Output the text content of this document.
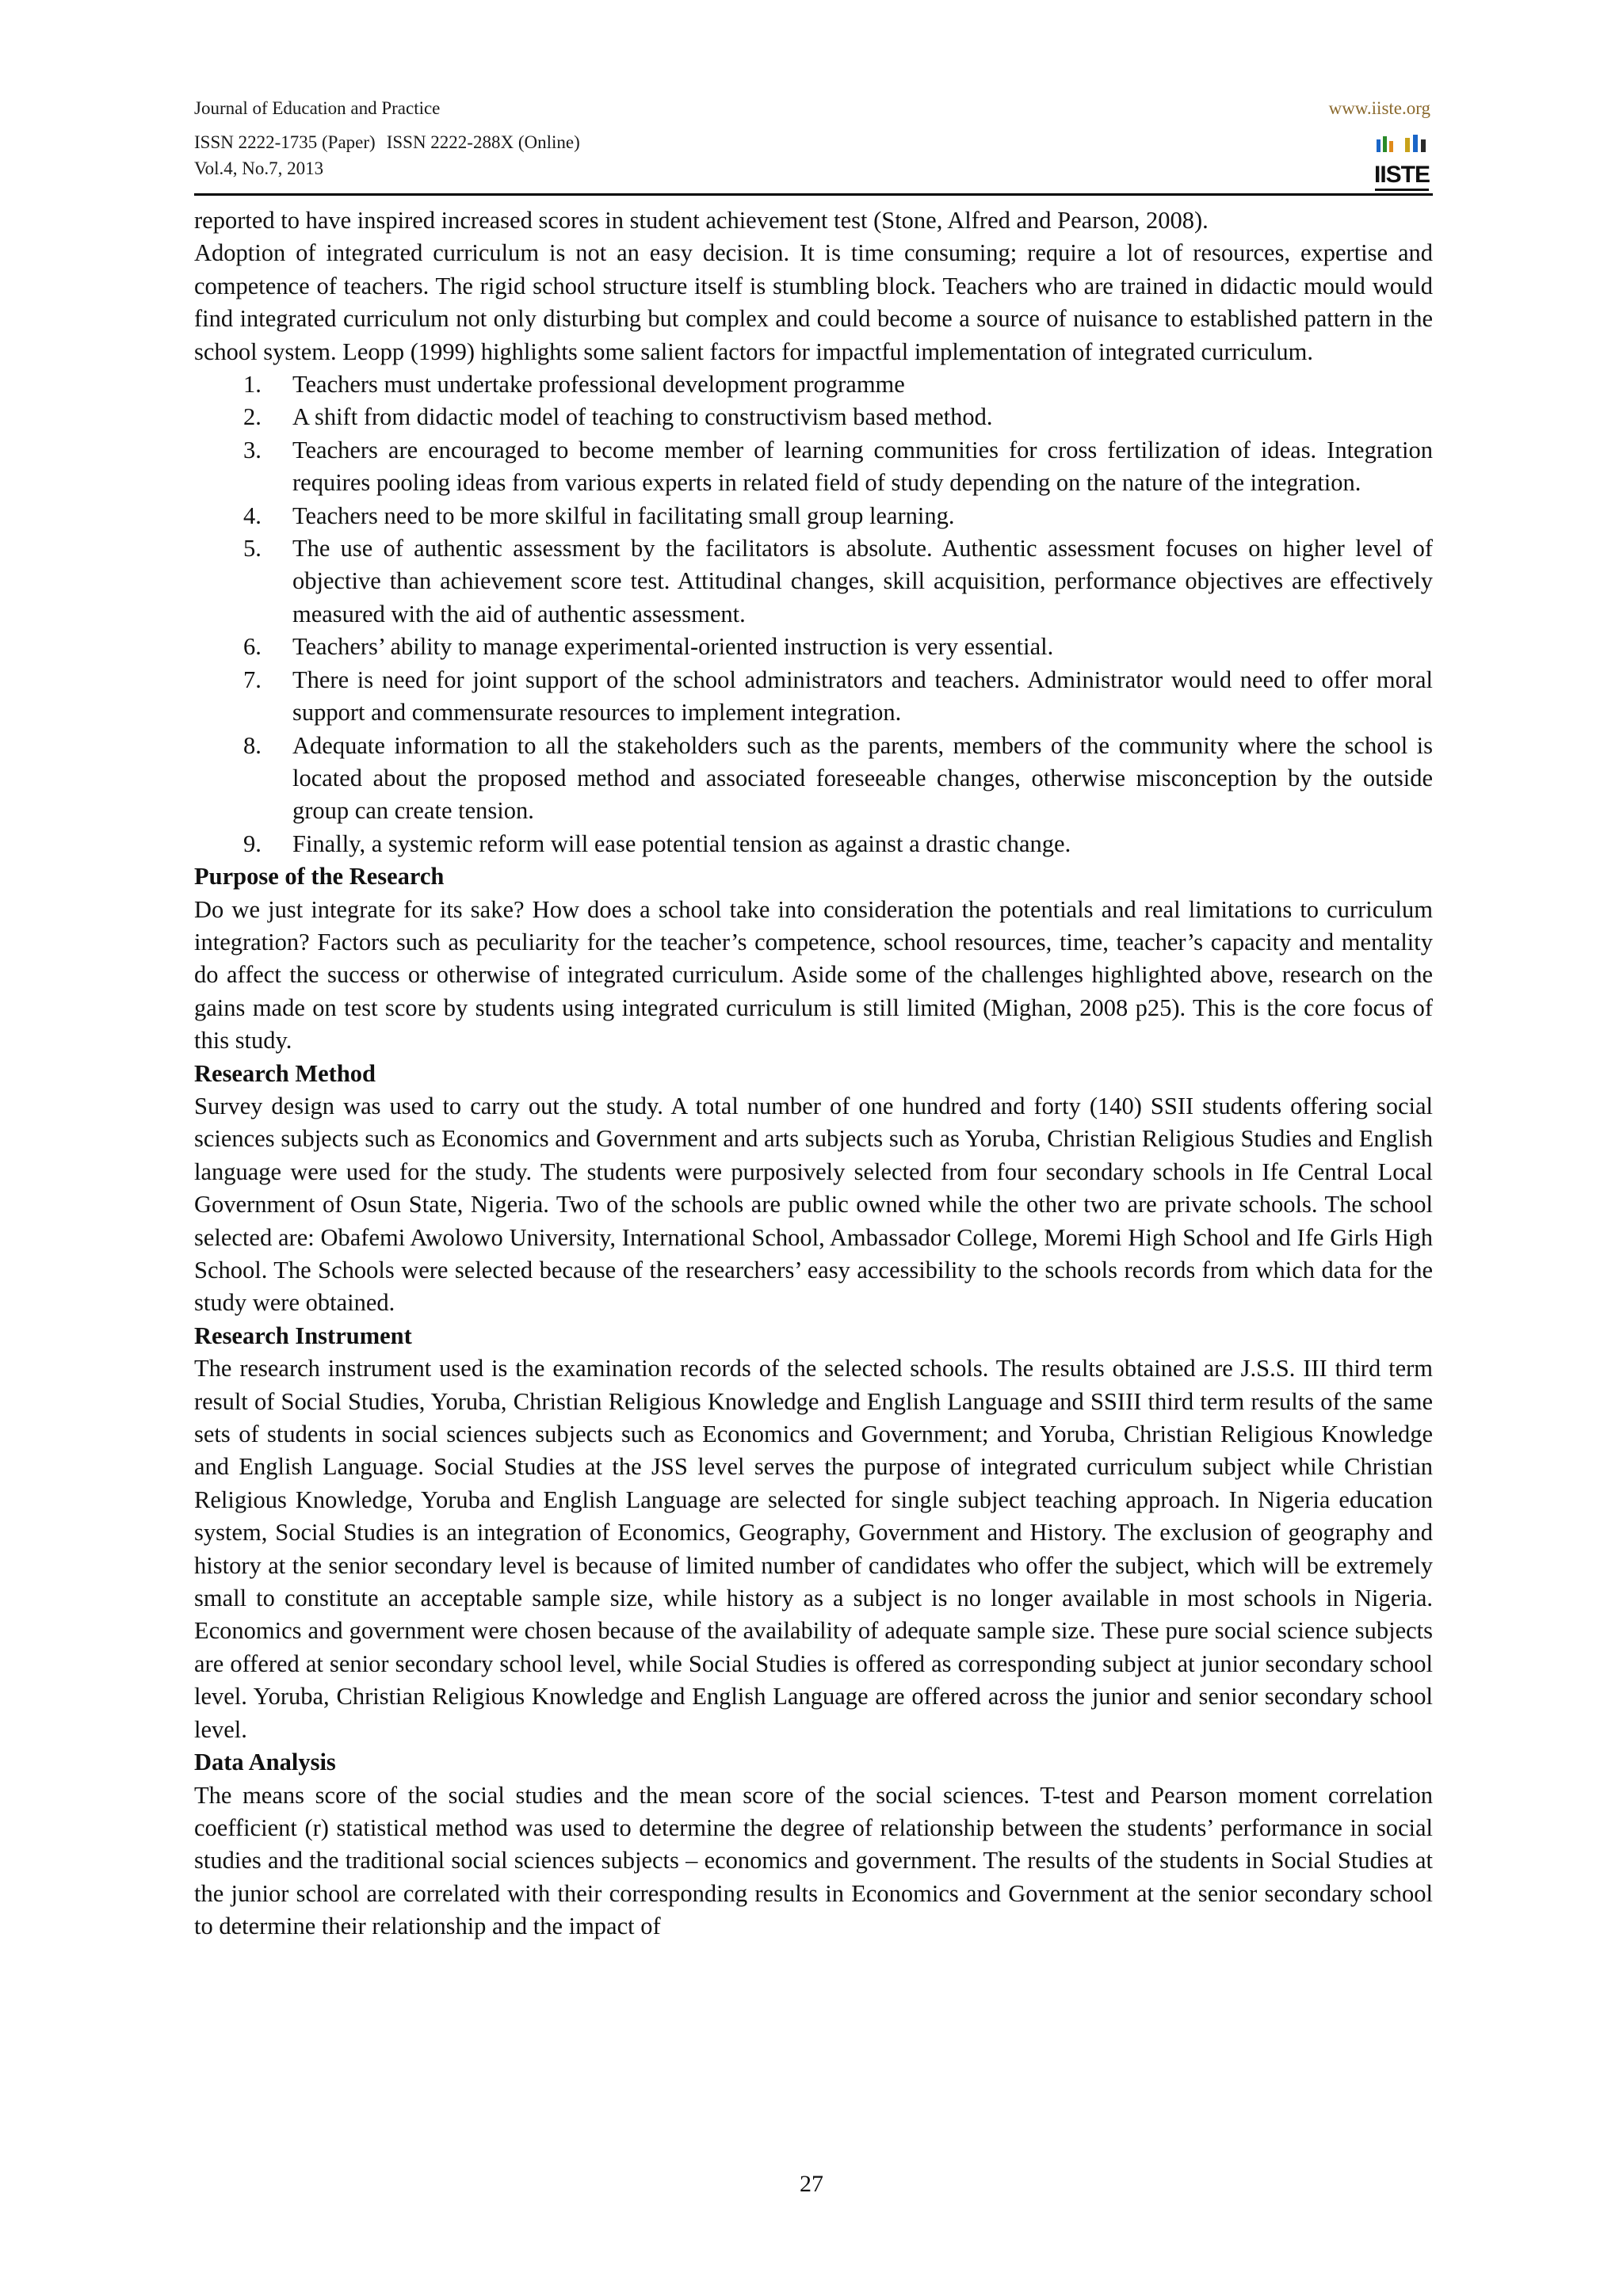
Journal of Education and Practice
ISSN 2222-1735 (Paper) ISSN 2222-288X (Online)
Vol.4, No.7, 2013
www.iiste.org
IISTE

reported to have inspired increased scores in student achievement test (Stone, Alfred and Pearson, 2008).

Adoption of integrated curriculum is not an easy decision. It is time consuming; require a lot of resources, expertise and competence of teachers. The rigid school structure itself is stumbling block. Teachers who are trained in didactic mould would find integrated curriculum not only disturbing but complex and could become a source of nuisance to established pattern in the school system. Leopp (1999) highlights some salient factors for impactful implementation of integrated curriculum.

1. Teachers must undertake professional development programme
2. A shift from didactic model of teaching to constructivism based method.
3. Teachers are encouraged to become member of learning communities for cross fertilization of ideas. Integration requires pooling ideas from various experts in related field of study depending on the nature of the integration.
4. Teachers need to be more skilful in facilitating small group learning.
5. The use of authentic assessment by the facilitators is absolute. Authentic assessment focuses on higher level of objective than achievement score test. Attitudinal changes, skill acquisition, performance objectives are effectively measured with the aid of authentic assessment.
6. Teachers’ ability to manage experimental-oriented instruction is very essential.
7. There is need for joint support of the school administrators and teachers. Administrator would need to offer moral support and commensurate resources to implement integration.
8. Adequate information to all the stakeholders such as the parents, members of the community where the school is located about the proposed method and associated foreseeable changes, otherwise misconception by the outside group can create tension.
9. Finally, a systemic reform will ease potential tension as against a drastic change.
Purpose of the Research

Do we just integrate for its sake? How does a school take into consideration the potentials and real limitations to curriculum integration? Factors such as peculiarity for the teacher’s competence, school resources, time, teacher’s capacity and mentality do affect the success or otherwise of integrated curriculum. Aside some of the challenges highlighted above, research on the gains made on test score by students using integrated curriculum is still limited (Mighan, 2008 p25). This is the core focus of this study.

Research Method

Survey design was used to carry out the study. A total number of one hundred and forty (140) SSII students offering social sciences subjects such as Economics and Government and arts subjects such as Yoruba, Christian Religious Studies and English language were used for the study. The students were purposively selected from four secondary schools in Ife Central Local Government of Osun State, Nigeria. Two of the schools are public owned while the other two are private schools. The school selected are: Obafemi Awolowo University, International School, Ambassador College, Moremi High School and Ife Girls High School. The Schools were selected because of the researchers’ easy accessibility to the schools records from which data for the study were obtained.

Research Instrument

The research instrument used is the examination records of the selected schools. The results obtained are J.S.S. III third term result of Social Studies, Yoruba, Christian Religious Knowledge and English Language and SSIII third term results of the same sets of students in social sciences subjects such as Economics and Government; and Yoruba, Christian Religious Knowledge and English Language. Social Studies at the JSS level serves the purpose of integrated curriculum subject while Christian Religious Knowledge, Yoruba and English Language are selected for single subject teaching approach. In Nigeria education system, Social Studies is an integration of Economics, Geography, Government and History. The exclusion of geography and history at the senior secondary level is because of limited number of candidates who offer the subject, which will be extremely small to constitute an acceptable sample size, while history as a subject is no longer available in most schools in Nigeria. Economics and government were chosen because of the availability of adequate sample size. These pure social science subjects are offered at senior secondary school level, while Social Studies is offered as corresponding subject at junior secondary school level. Yoruba, Christian Religious Knowledge and English Language are offered across the junior and senior secondary school level.

Data Analysis

The means score of the social studies and the mean score of the social sciences. T-test and Pearson moment correlation coefficient (r) statistical method was used to determine the degree of relationship between the students’ performance in social studies and the traditional social sciences subjects – economics and government. The results of the students in Social Studies at the junior school are correlated with their corresponding results in Economics and Government at the senior secondary school to determine their relationship and the impact of

27
